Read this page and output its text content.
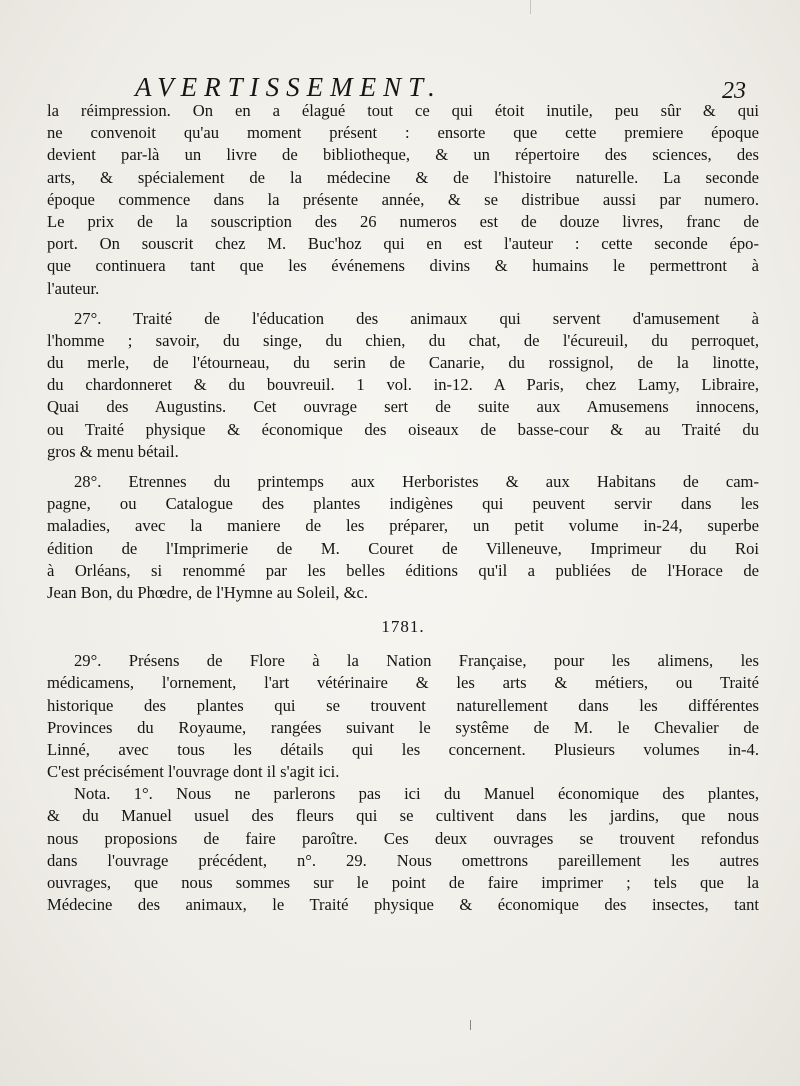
AVERTISSEMENT.	23
la réimpression. On en a élagué tout ce qui étoit inutile, peu sûr & qui
ne convenoit qu'au moment présent : ensorte que cette premiere époque
devient par-là un livre de bibliotheque, & un répertoire des sciences, des
arts, & spécialement de la médecine & de l'histoire naturelle. La seconde
époque commence dans la présente année, & se distribue aussi par numero.
Le prix de la souscription des 26 numeros est de douze livres, franc de
port. On souscrit chez M. Buc'hoz qui en est l'auteur : cette seconde épo-
que continuera tant que les événemens divins & humains le permettront à
l'auteur.
27°. Traité de l'éducation des animaux qui servent d'amusement à
l'homme ; savoir, du singe, du chien, du chat, de l'écureuil, du perroquet,
du merle, de l'étourneau, du serin de Canarie, du rossignol, de la linotte,
du chardonneret & du bouvreuil. 1 vol. in-12. A Paris, chez Lamy, Libraire,
Quai des Augustins. Cet ouvrage sert de suite aux Amusemens innocens,
ou Traité physique & économique des oiseaux de basse-cour & au Traité du
gros & menu bétail.
28°. Etrennes du printemps aux Herboristes & aux Habitans de cam-
pagne, ou Catalogue des plantes indigènes qui peuvent servir dans les
maladies, avec la maniere de les préparer, un petit volume in-24, superbe
édition de l'Imprimerie de M. Couret de Villeneuve, Imprimeur du Roi
à Orléans, si renommé par les belles éditions qu'il a publiées de l'Horace de
Jean Bon, du Phœdre, de l'Hymne au Soleil, &c.
1781.
29°. Présens de Flore à la Nation Française, pour les alimens, les
médicamens, l'ornement, l'art vétérinaire & les arts & métiers, ou Traité
historique des plantes qui se trouvent naturellement dans les différentes
Provinces du Royaume, rangées suivant le systême de M. le Chevalier de
Linné, avec tous les détails qui les concernent. Plusieurs volumes in-4.
C'est précisément l'ouvrage dont il s'agit ici.
Nota. 1°. Nous ne parlerons pas ici du Manuel économique des plantes,
& du Manuel usuel des fleurs qui se cultivent dans les jardins, que nous
nous proposions de faire paroître. Ces deux ouvrages se trouvent refondus
dans l'ouvrage précédent, n°. 29. Nous omettrons pareillement les autres
ouvrages, que nous sommes sur le point de faire imprimer ; tels que la
Médecine des animaux, le Traité physique & économique des insectes, tant
